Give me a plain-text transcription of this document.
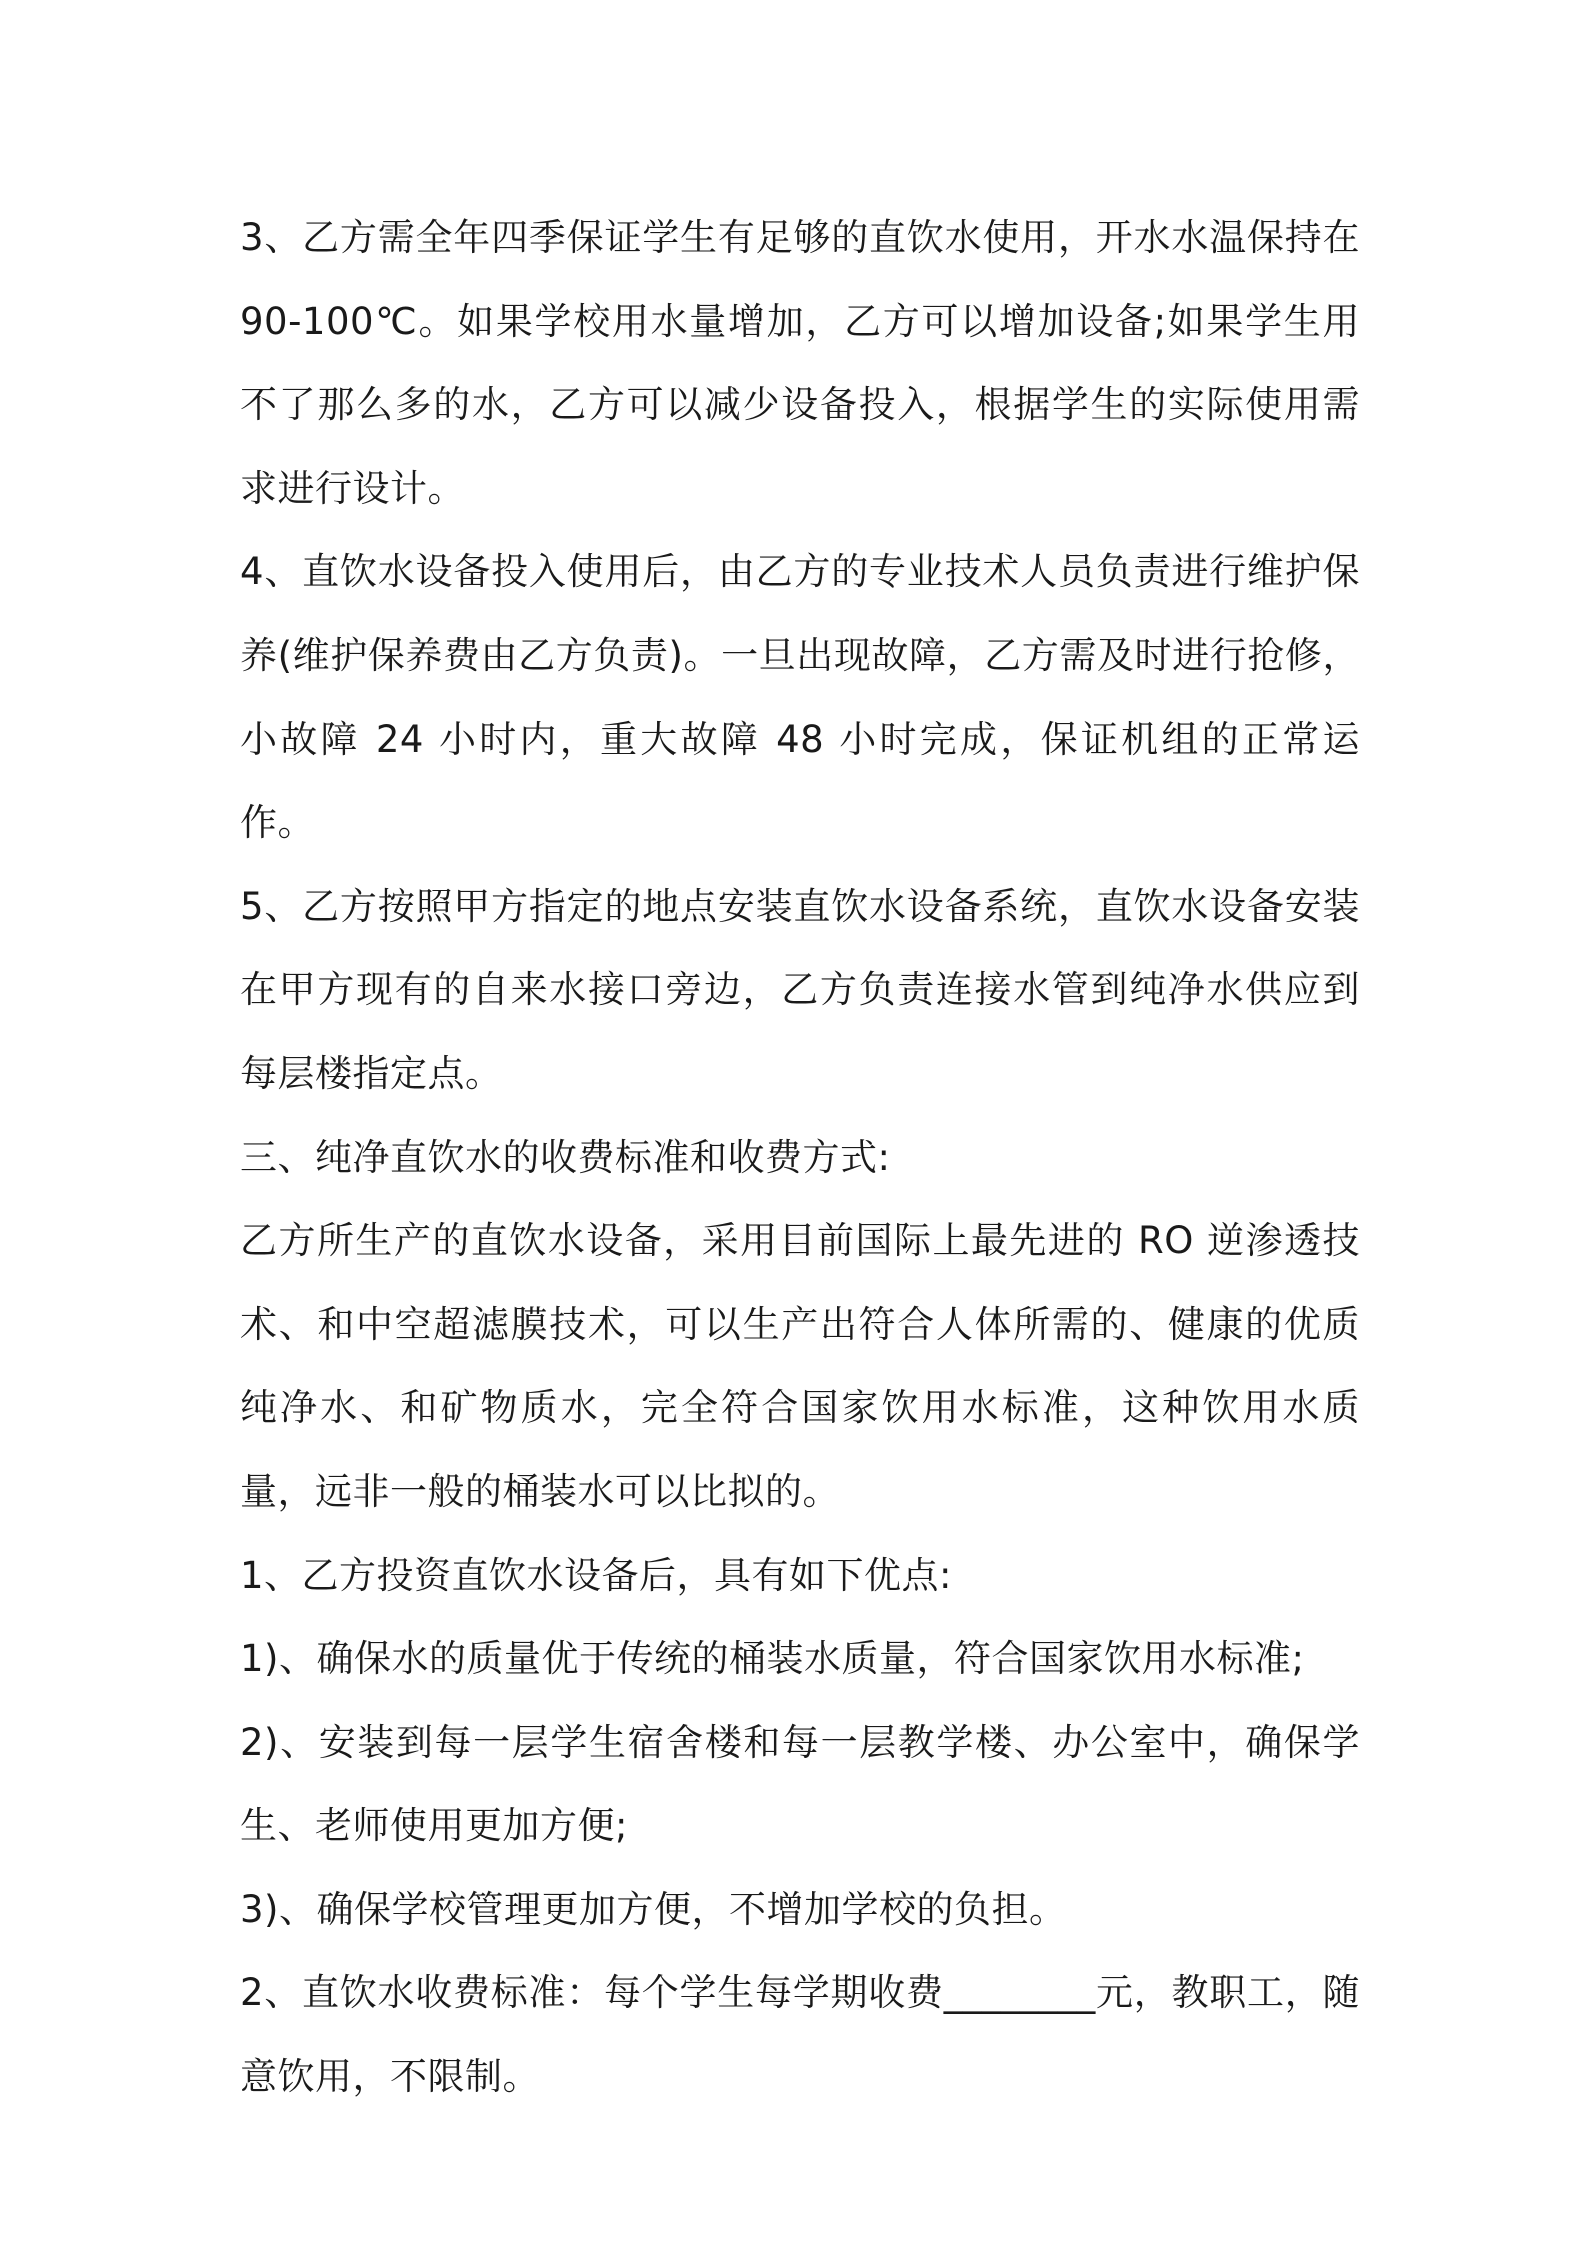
3、乙方需全年四季保证学生有足够的直饮水使用，开水水温保持在90-100℃。如果学校用水量增加，乙方可以增加设备;如果学生用不了那么多的水，乙方可以减少设备投入，根据学生的实际使用需求进行设计。

4、直饮水设备投入使用后，由乙方的专业技术人员负责进行维护保养(维护保养费由乙方负责)。一旦出现故障，乙方需及时进行抢修，小故障 24 小时内，重大故障 48 小时完成，保证机组的正常运作。

5、乙方按照甲方指定的地点安装直饮水设备系统，直饮水设备安装在甲方现有的自来水接口旁边，乙方负责连接水管到纯净水供应到每层楼指定点。

三、纯净直饮水的收费标准和收费方式:

乙方所生产的直饮水设备，采用目前国际上最先进的 RO 逆渗透技术、和中空超滤膜技术，可以生产出符合人体所需的、健康的优质纯净水、和矿物质水，完全符合国家饮用水标准，这种饮用水质量，远非一般的桶装水可以比拟的。

1、乙方投资直饮水设备后，具有如下优点:

1)、确保水的质量优于传统的桶装水质量，符合国家饮用水标准;

2)、安装到每一层学生宿舍楼和每一层教学楼、办公室中，确保学生、老师使用更加方便;

3)、确保学校管理更加方便，不增加学校的负担。

2、直饮水收费标准：每个学生每学期收费________元，教职工，随意饮用，不限制。
